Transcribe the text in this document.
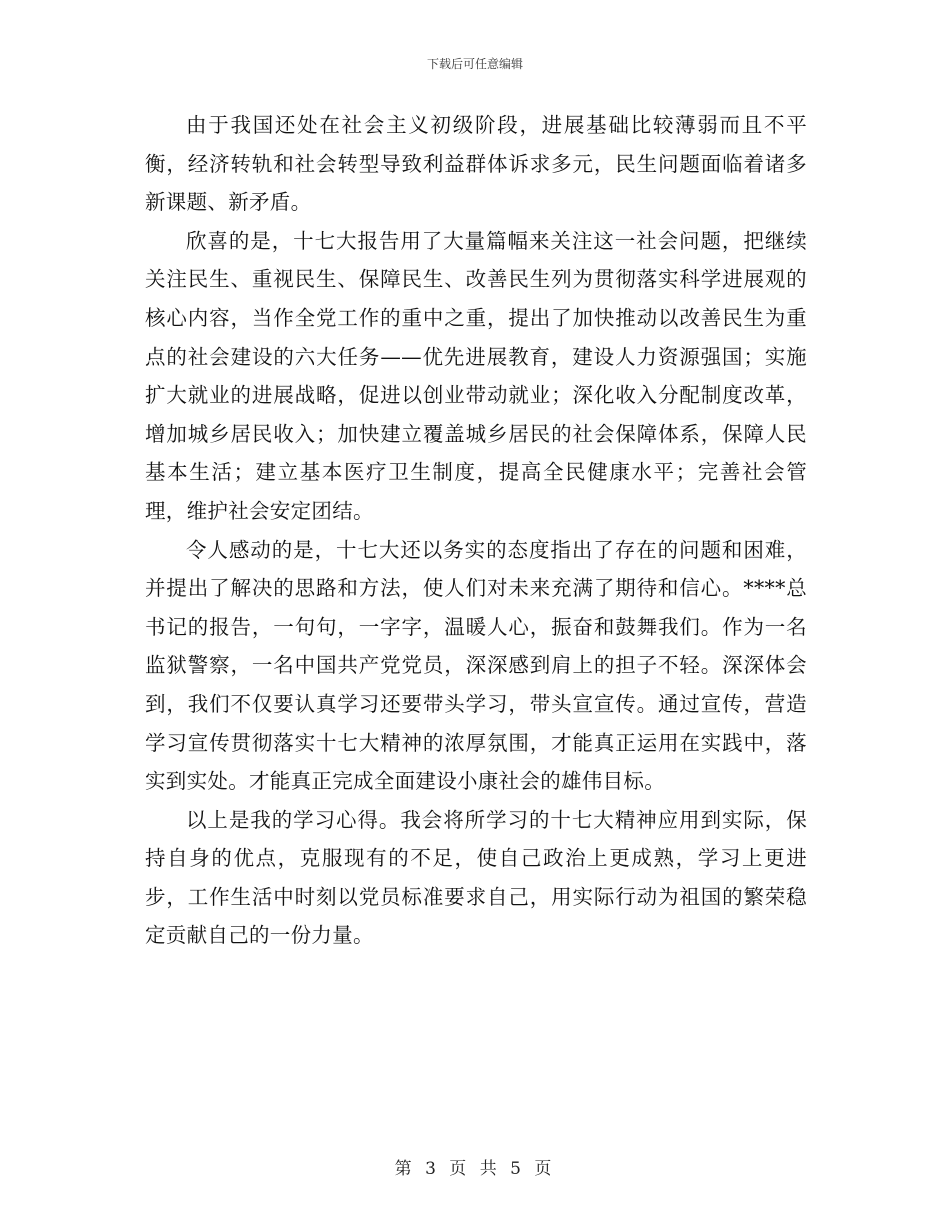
下载后可任意编辑

由于我国还处在社会主义初级阶段，进展基础比较薄弱而且不平衡，经济转轨和社会转型导致利益群体诉求多元，民生问题面临着诸多新课题、新矛盾。

欣喜的是，十七大报告用了大量篇幅来关注这一社会问题，把继续关注民生、重视民生、保障民生、改善民生列为贯彻落实科学进展观的核心内容，当作全党工作的重中之重，提出了加快推动以改善民生为重点的社会建设的六大任务——优先进展教育，建设人力资源强国；实施扩大就业的进展战略，促进以创业带动就业；深化收入分配制度改革，增加城乡居民收入；加快建立覆盖城乡居民的社会保障体系，保障人民基本生活；建立基本医疗卫生制度，提高全民健康水平；完善社会管理，维护社会安定团结。

令人感动的是，十七大还以务实的态度指出了存在的问题和困难，并提出了解决的思路和方法，使人们对未来充满了期待和信心。****总书记的报告，一句句，一字字，温暖人心，振奋和鼓舞我们。作为一名监狱警察，一名中国共产党党员，深深感到肩上的担子不轻。深深体会到，我们不仅要认真学习还要带头学习，带头宣宣传。通过宣传，营造学习宣传贯彻落实十七大精神的浓厚氛围，才能真正运用在实践中，落实到实处。才能真正完成全面建设小康社会的雄伟目标。

以上是我的学习心得。我会将所学习的十七大精神应用到实际，保持自身的优点，克服现有的不足，使自己政治上更成熟，学习上更进步，工作生活中时刻以党员标准要求自己，用实际行动为祖国的繁荣稳定贡献自己的一份力量。

第 3 页 共 5 页
